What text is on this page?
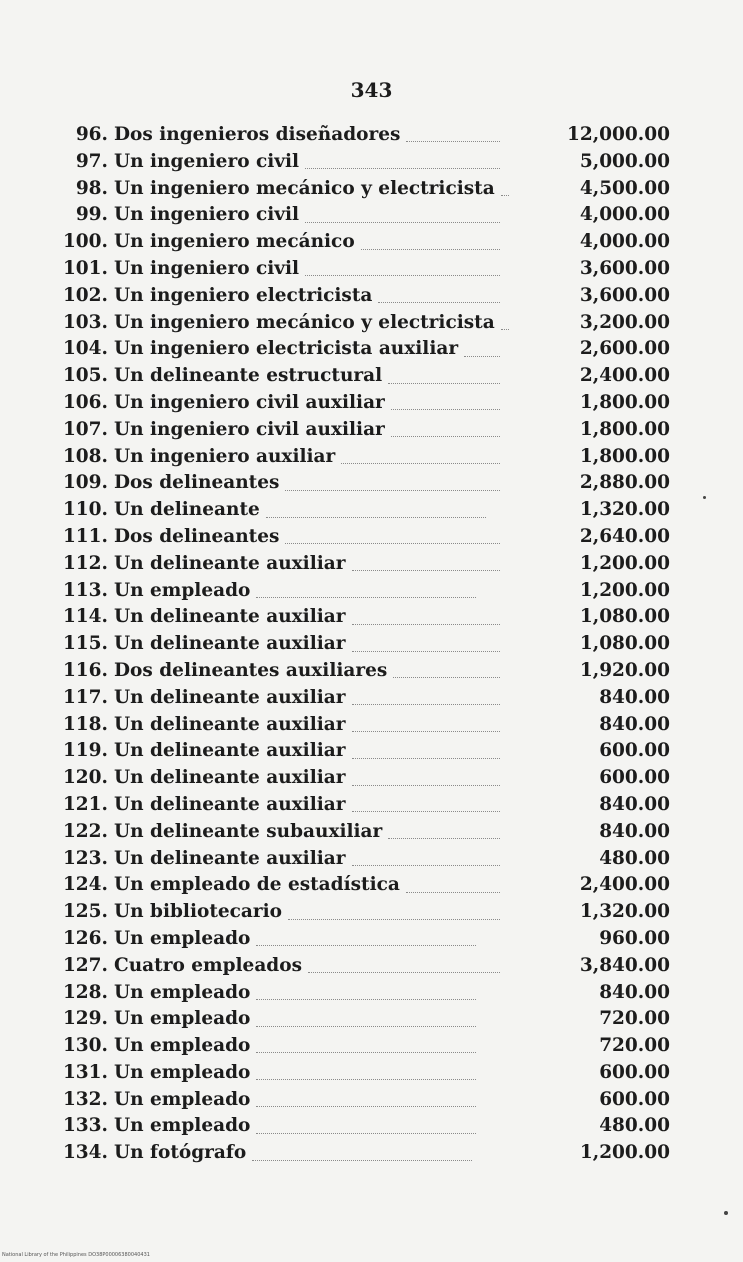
343
96. Dos ingenieros diseñadores	12,000.00
97. Un ingeniero civil	5,000.00
98. Un ingeniero mecánico y electricista	4,500.00
99. Un ingeniero civil	4,000.00
100. Un ingeniero mecánico	4,000.00
101. Un ingeniero civil	3,600.00
102. Un ingeniero electricista	3,600.00
103. Un ingeniero mecánico y electricista	3,200.00
104. Un ingeniero electricista auxiliar	2,600.00
105. Un delineante estructural	2,400.00
106. Un ingeniero civil auxiliar	1,800.00
107. Un ingeniero civil auxiliar	1,800.00
108. Un ingeniero auxiliar	1,800.00
109. Dos delineantes	2,880.00
110. Un delineante	1,320.00
111. Dos delineantes	2,640.00
112. Un delineante auxiliar	1,200.00
113. Un empleado	1,200.00
114. Un delineante auxiliar	1,080.00
115. Un delineante auxiliar	1,080.00
116. Dos delineantes auxiliares	1,920.00
117. Un delineante auxiliar	840.00
118. Un delineante auxiliar	840.00
119. Un delineante auxiliar	600.00
120. Un delineante auxiliar	600.00
121. Un delineante auxiliar	840.00
122. Un delineante subauxiliar	840.00
123. Un delineante auxiliar	480.00
124. Un empleado de estadística	2,400.00
125. Un bibliotecario	1,320.00
126. Un empleado	960.00
127. Cuatro empleados	3,840.00
128. Un empleado	840.00
129. Un empleado	720.00
130. Un empleado	720.00
131. Un empleado	600.00
132. Un empleado	600.00
133. Un empleado	480.00
134. Un fotógrafo	1,200.00
National Library of the Philippines DO38P00006380040431
